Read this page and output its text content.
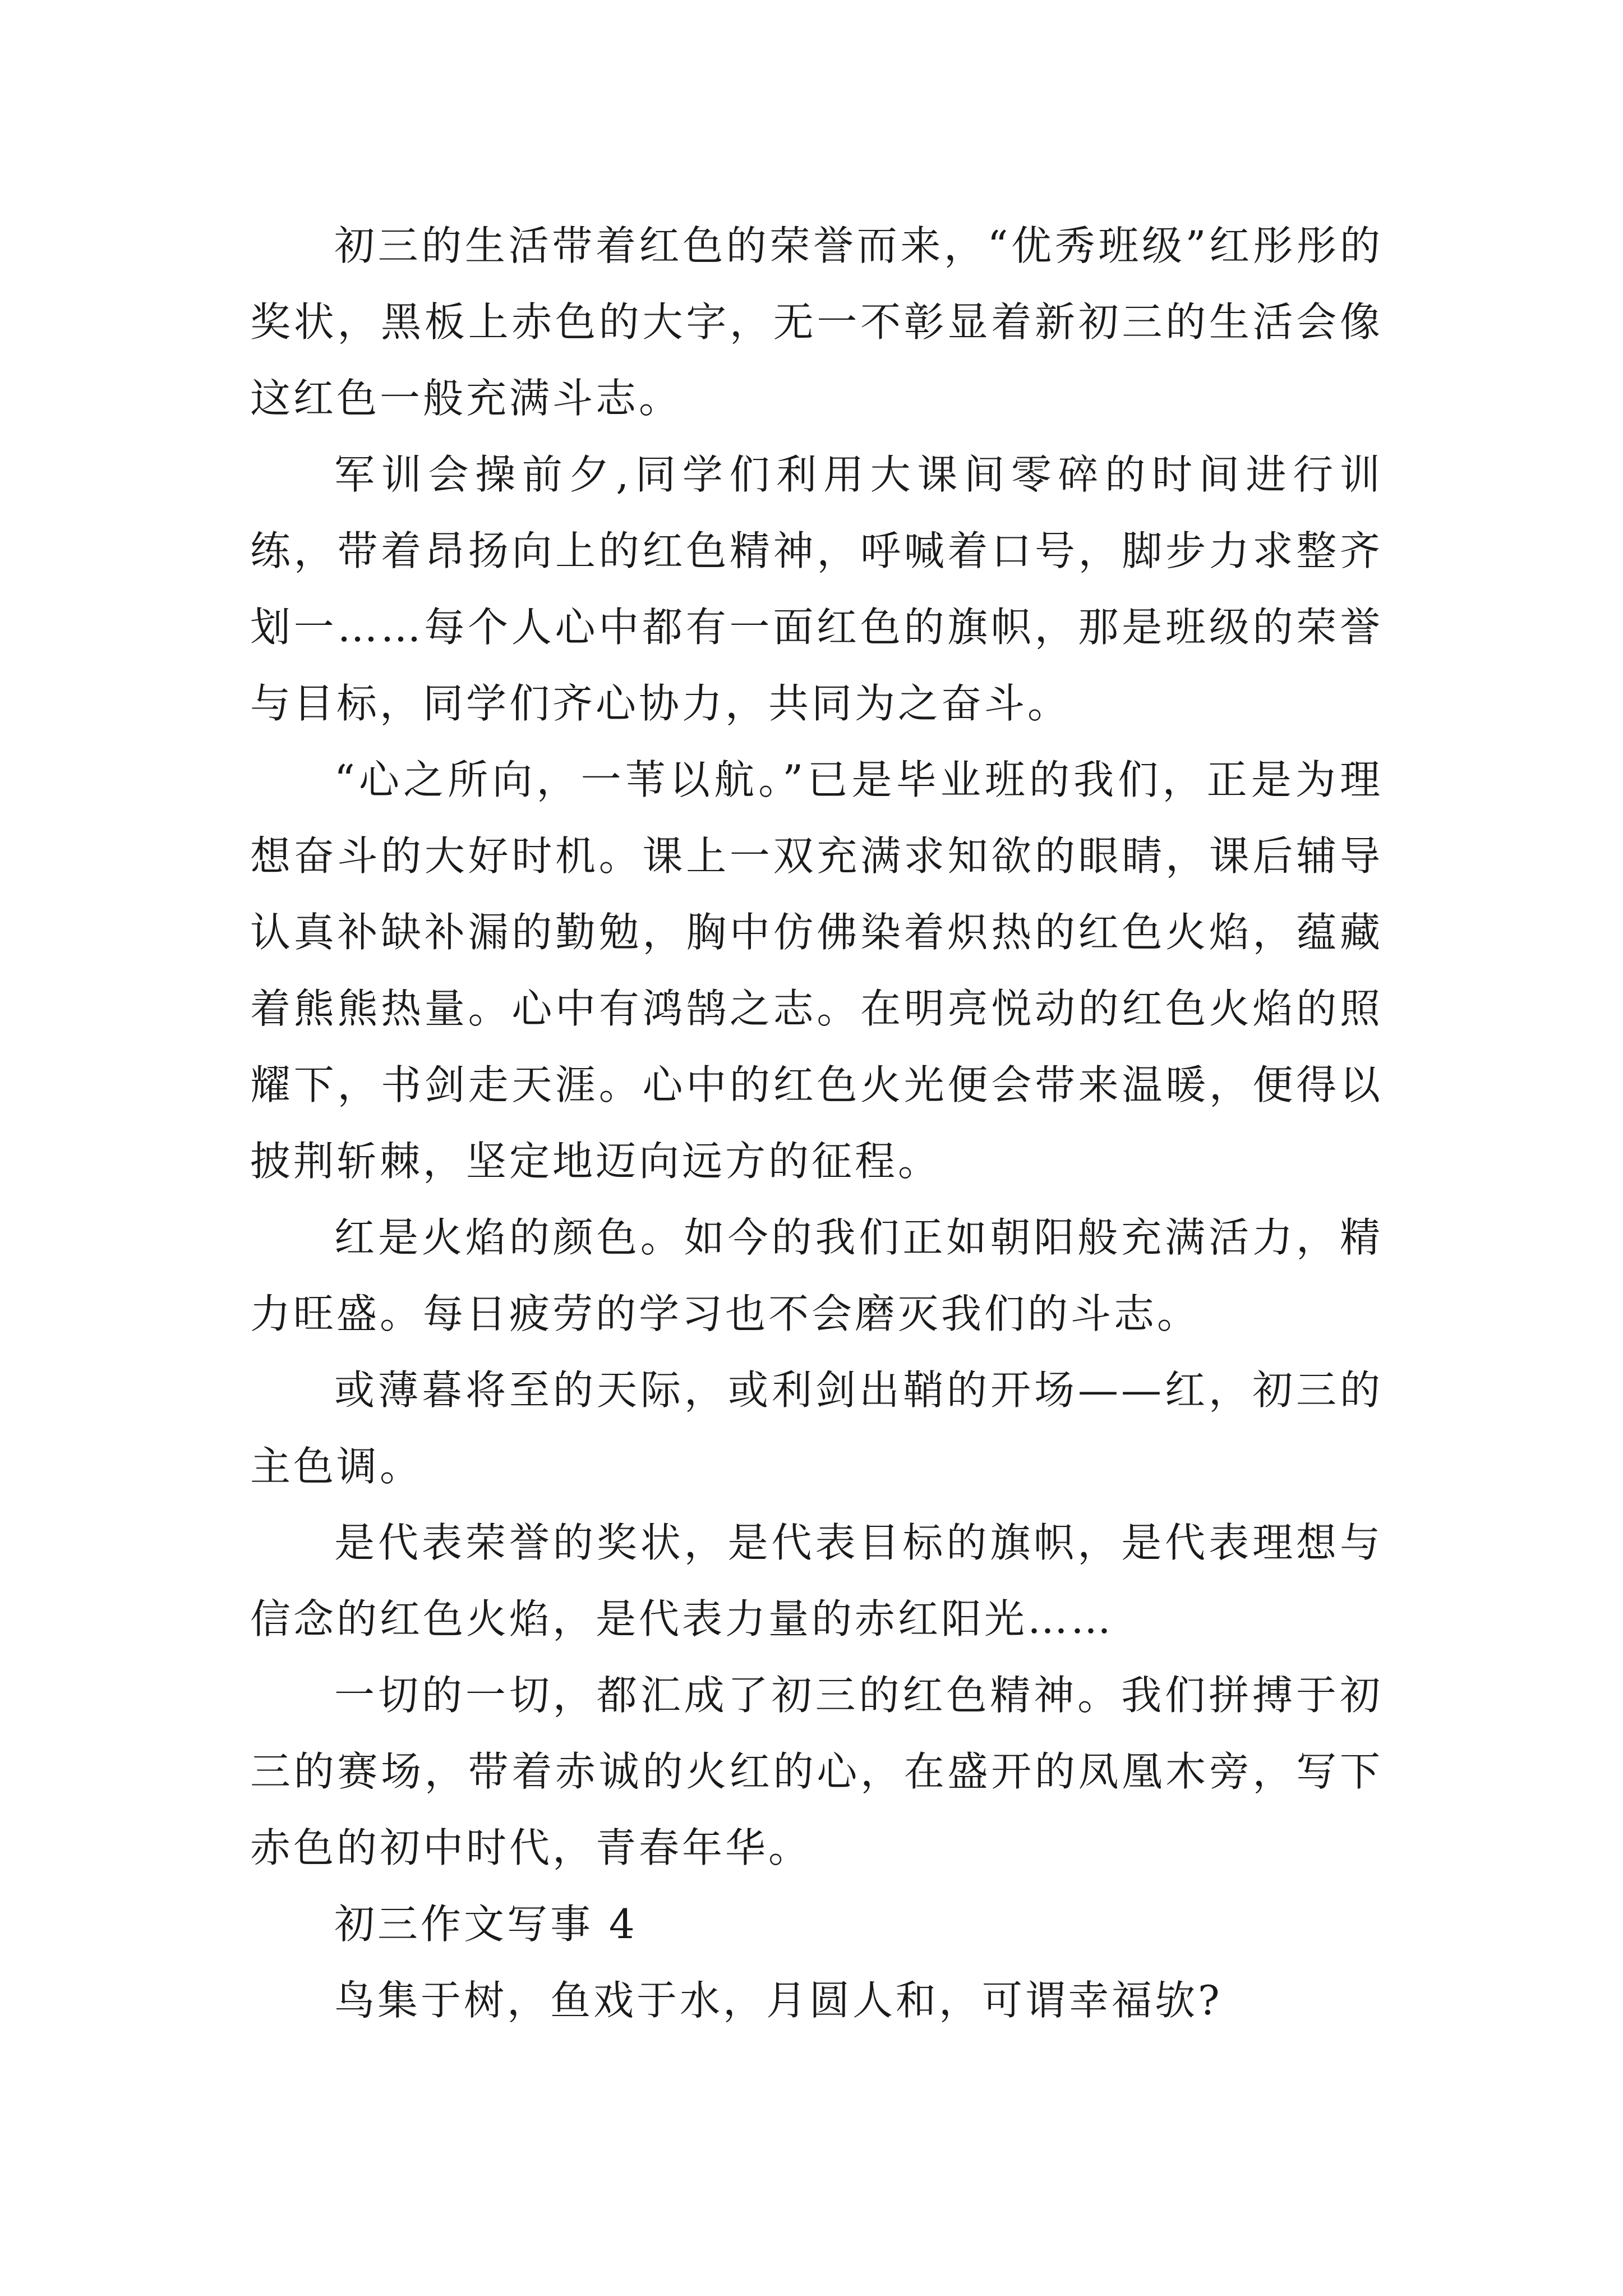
初三的生活带着红色的荣誉而来，“优秀班级”红彤彤的奖状，黑板上赤色的大字，无一不彰显着新初三的生活会像这红色一般充满斗志。

军训会操前夕,同学们利用大课间零碎的时间进行训练，带着昂扬向上的红色精神，呼喊着口号，脚步力求整齐划一……每个人心中都有一面红色的旗帜，那是班级的荣誉与目标，同学们齐心协力，共同为之奋斗。

“心之所向，一苇以航。”已是毕业班的我们，正是为理想奋斗的大好时机。课上一双充满求知欲的眼睛，课后辅导认真补缺补漏的勤勉，胸中仿佛染着炽热的红色火焰，蕴藏着熊熊热量。心中有鸿鹄之志。在明亮悦动的红色火焰的照耀下，书剑走天涯。心中的红色火光便会带来温暖，便得以披荆斩棘，坚定地迈向远方的征程。

红是火焰的颜色。如今的我们正如朝阳般充满活力，精力旺盛。每日疲劳的学习也不会磨灭我们的斗志。

或薄暮将至的天际，或利剑出鞘的开场——红，初三的主色调。

是代表荣誉的奖状，是代表目标的旗帜，是代表理想与信念的红色火焰，是代表力量的赤红阳光……

一切的一切，都汇成了初三的红色精神。我们拼搏于初三的赛场，带着赤诚的火红的心，在盛开的凤凰木旁，写下赤色的初中时代，青春年华。

初三作文写事 4

鸟集于树，鱼戏于水，月圆人和，可谓幸福欤?
